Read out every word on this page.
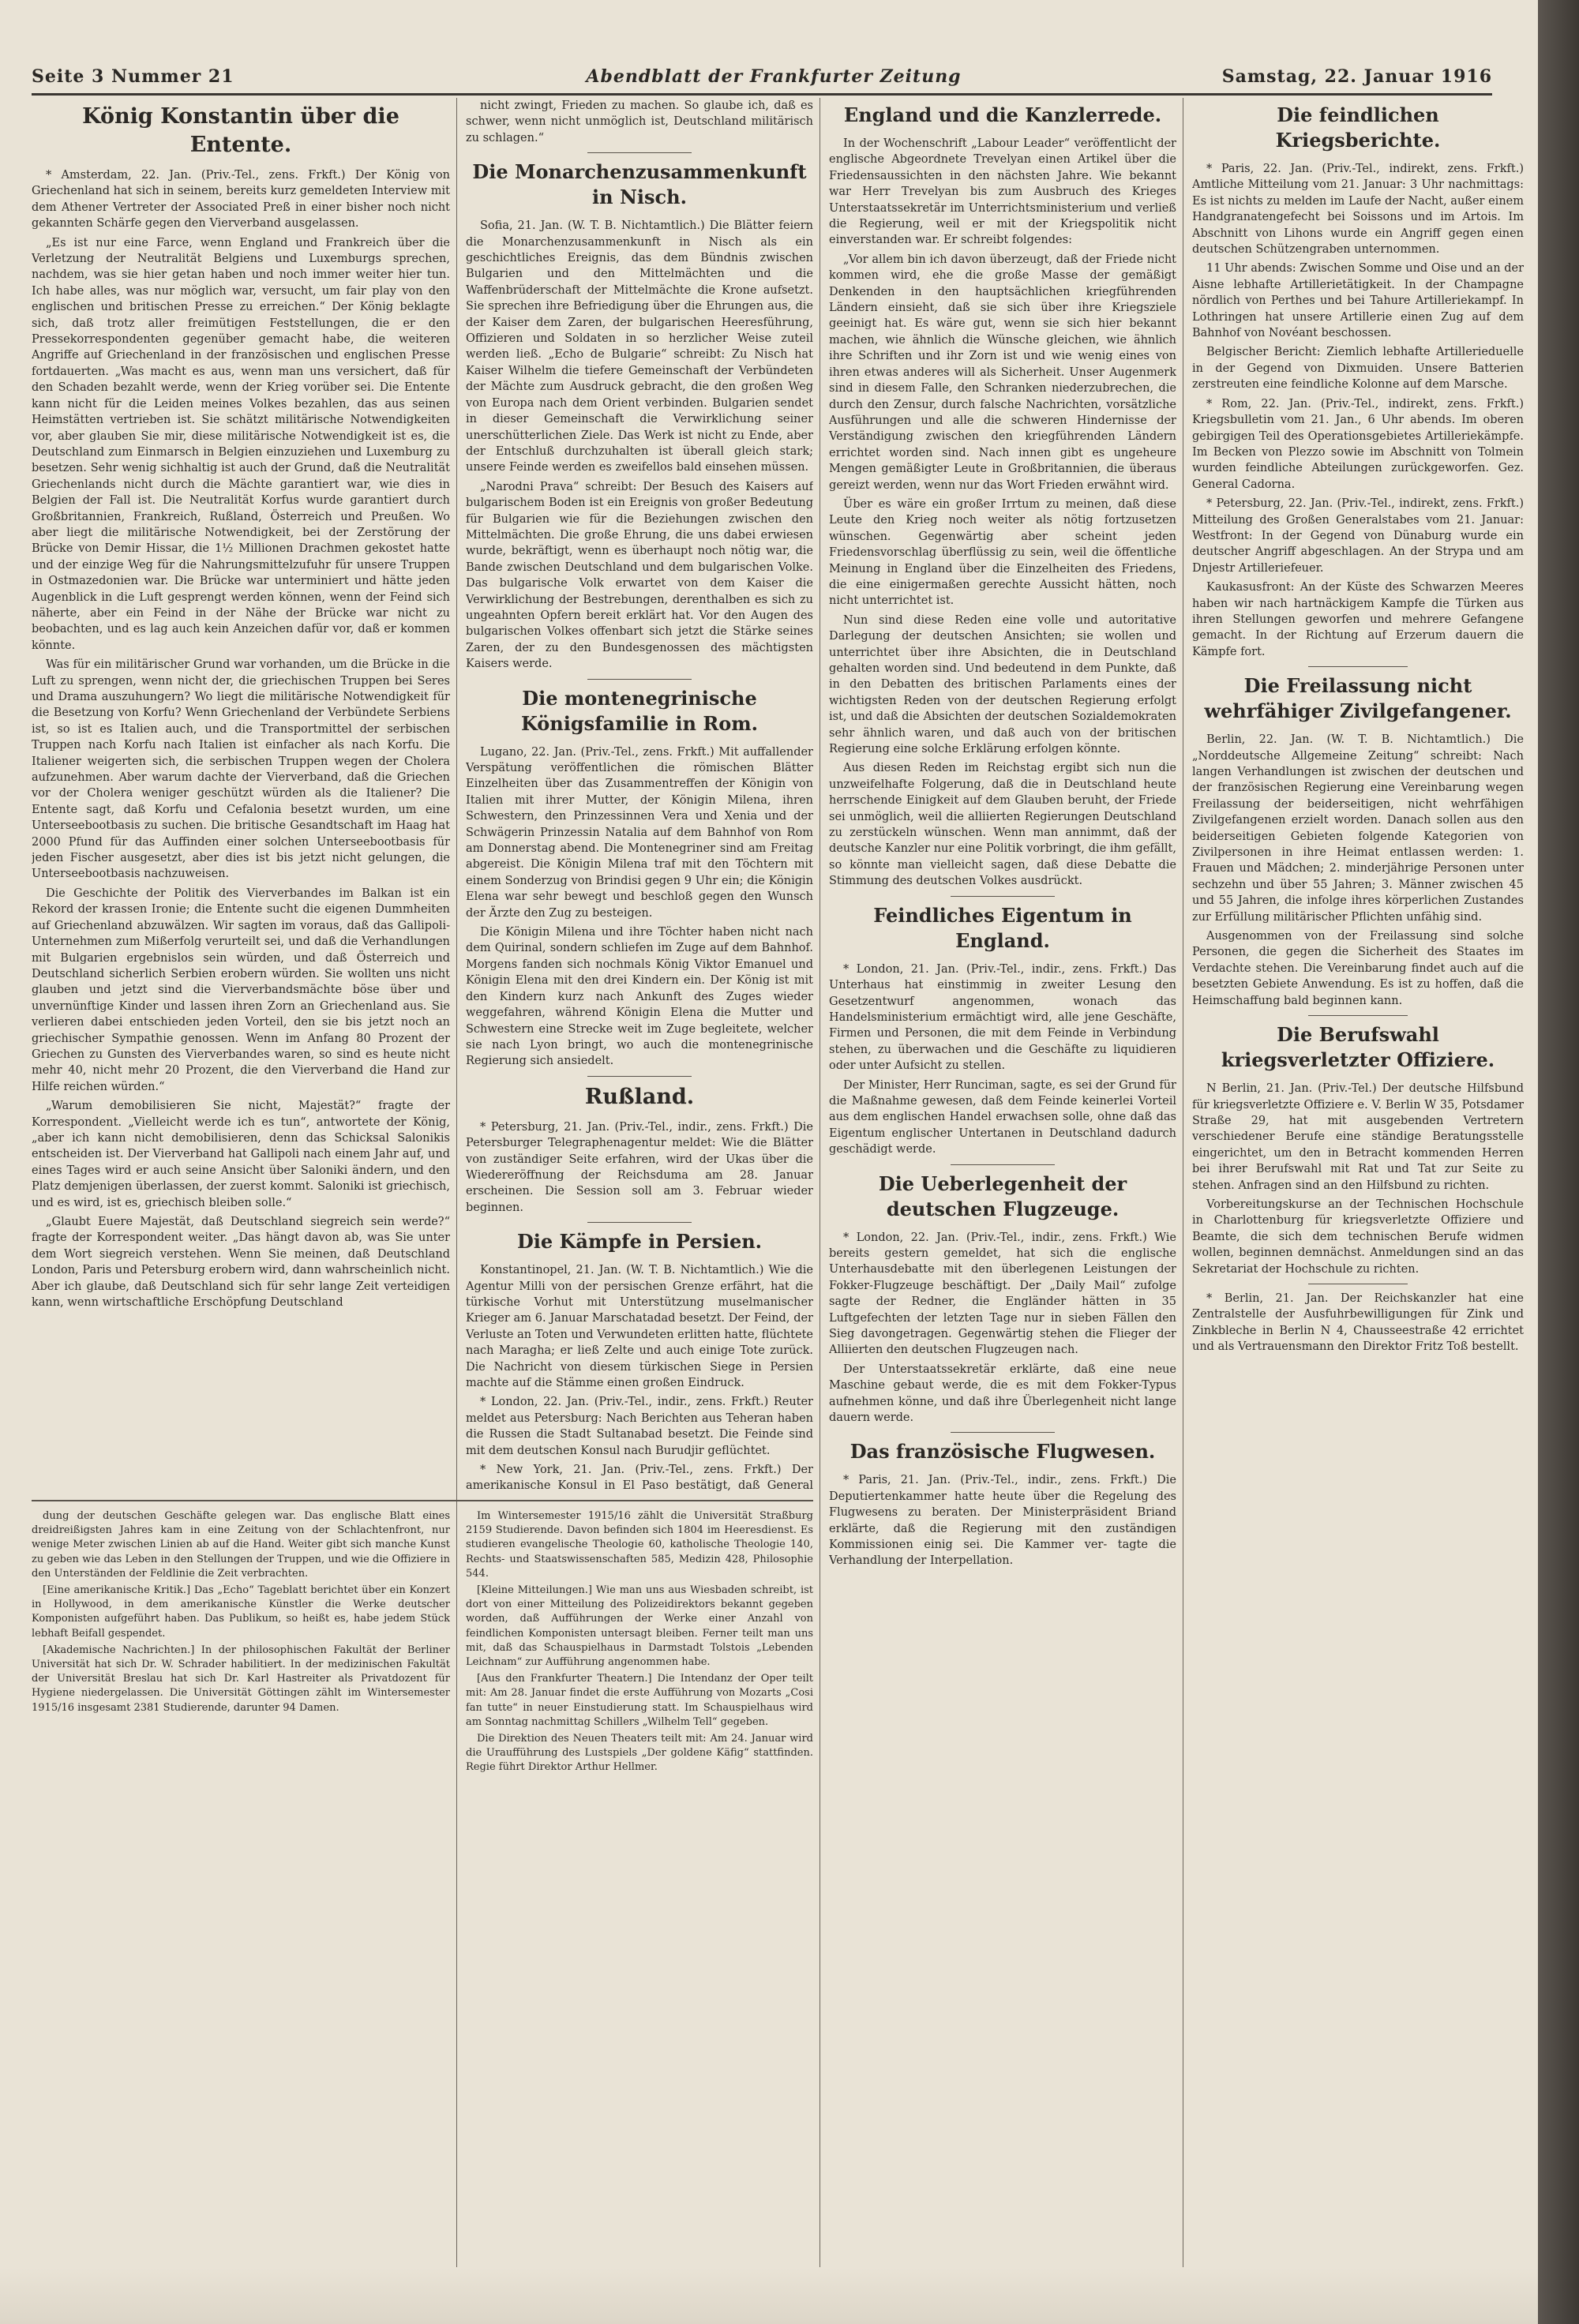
Seite 3 Nummer 21	Abendblatt der Frankfurter Zeitung	Samstag, 22. Januar 1916
König Konstantin über die Entente.

* Amsterdam, 22. Jan. (Priv.-Tel., zens. Frkft.) Der König von Griechenland hat sich in seinem, bereits kurz gemeldeten Interview mit dem Athener Vertreter der Associated Preß in einer bisher noch nicht gekannten Schärfe gegen den Vierverband ausgelassen.

„Es ist nur eine Farce, wenn England und Frankreich über die Verletzung der Neutralität Belgiens und Luxemburgs sprechen, nachdem, was sie hier getan haben und noch immer weiter hier tun. Ich habe alles, was nur möglich war, versucht, um fair play von den englischen und britischen Presse zu erreichen.“ Der König beklagte sich, daß trotz aller freimütigen Feststellungen, die er den Pressekorrespondenten gegenüber gemacht habe, die weiteren Angriffe auf Griechenland in der französischen und englischen Presse fortdauerten. „Was macht es aus, wenn man uns versichert, daß für den Schaden bezahlt werde, wenn der Krieg vorüber sei. Die Entente kann nicht für die Leiden meines Volkes bezahlen, das aus seinen Heimstätten vertrieben ist. Sie schätzt militärische Notwendigkeiten vor, aber glauben Sie mir, diese militärische Notwendigkeit ist es, die Deutschland zum Einmarsch in Belgien einzuziehen und Luxemburg zu besetzen. Sehr wenig sichhaltig ist auch der Grund, daß die Neutralität Griechenlands nicht durch die Mächte garantiert war, wie dies in Belgien der Fall ist. Die Neutralität Korfus wurde garantiert durch Großbritannien, Frankreich, Rußland, Österreich und Preußen. Wo aber liegt die militärische Notwendigkeit, bei der Zerstörung der Brücke von Demir Hissar, die 1½ Millionen Drachmen gekostet hatte und der einzige Weg für die Nahrungsmittelzufuhr für unsere Truppen in Ostmazedonien war. Die Brücke war unterminiert und hätte jeden Augenblick in die Luft gesprengt werden können, wenn der Feind sich näherte, aber ein Feind in der Nähe der Brücke war nicht zu beobachten, und es lag auch kein Anzeichen dafür vor, daß er kommen könnte.

Was für ein militärischer Grund war vorhanden, um die Brücke in die Luft zu sprengen, wenn nicht der, die griechischen Truppen bei Seres und Drama auszuhungern? Wo liegt die militärische Notwendigkeit für die Besetzung von Korfu? Wenn Griechenland der Verbündete Serbiens ist, so ist es Italien auch, und die Transportmittel der serbischen Truppen nach Korfu nach Italien ist einfacher als nach Korfu. Die Italiener weigerten sich, die serbischen Truppen wegen der Cholera aufzunehmen. Aber warum dachte der Vierverband, daß die Griechen vor der Cholera weniger geschützt würden als die Italiener? Die Entente sagt, daß Korfu und Cefalonia besetzt wurden, um eine Unterseebootbasis zu suchen. Die britische Gesandtschaft im Haag hat 2000 Pfund für das Auffinden einer solchen Unterseebootbasis für jeden Fischer ausgesetzt, aber dies ist bis jetzt nicht gelungen, die Unterseebootbasis nachzuweisen.

Die Geschichte der Politik des Vierverbandes im Balkan ist ein Rekord der krassen Ironie; die Entente sucht die eigenen Dummheiten auf Griechenland abzuwälzen. Wir sagten im voraus, daß das Gallipoli-Unternehmen zum Mißerfolg verurteilt sei, und daß die Verhandlungen mit Bulgarien ergebnislos sein würden, und daß Österreich und Deutschland sicherlich Serbien erobern würden. Sie wollten uns nicht glauben und jetzt sind die Vierverbandsmächte böse über und unvernünftige Kinder und lassen ihren Zorn an Griechenland aus. Sie verlieren dabei entschieden jeden Vorteil, den sie bis jetzt noch an griechischer Sympathie genossen. Wenn im Anfang 80 Prozent der Griechen zu Gunsten des Vierverbandes waren, so sind es heute nicht mehr 40, nicht mehr 20 Prozent, die den Vierverband die Hand zur Hilfe reichen würden.“

„Warum demobilisieren Sie nicht, Majestät?“ fragte der Korrespondent. „Vielleicht werde ich es tun“, antwortete der König, „aber ich kann nicht demobilisieren, denn das Schicksal Salonikis entscheiden ist. Der Vierverband hat Gallipoli nach einem Jahr auf, und eines Tages wird er auch seine Ansicht über Saloniki ändern, und den Platz demjenigen überlassen, der zuerst kommt. Saloniki ist griechisch, und es wird, ist es, griechisch bleiben solle.“

„Glaubt Euere Majestät, daß Deutschland siegreich sein werde?“ fragte der Korrespondent weiter. „Das hängt davon ab, was Sie unter dem Wort siegreich verstehen. Wenn Sie meinen, daß Deutschland London, Paris und Petersburg erobern wird, dann wahrscheinlich nicht. Aber ich glaube, daß Deutschland sich für sehr lange Zeit verteidigen kann, wenn wirtschaftliche Erschöpfung Deutschland

nicht zwingt, Frieden zu machen. So glaube ich, daß es schwer, wenn nicht unmöglich ist, Deutschland militärisch zu schlagen.“

Die Monarchenzusammenkunft in Nisch.

Sofia, 21. Jan. (W. T. B. Nichtamtlich.) Die Blätter feiern die Monarchenzusammenkunft in Nisch als ein geschichtliches Ereignis, das dem Bündnis zwischen Bulgarien und den Mittelmächten und die Waffenbrüderschaft der Mittelmächte die Krone aufsetzt. Sie sprechen ihre Befriedigung über die Ehrungen aus, die der Kaiser dem Zaren, der bulgarischen Heeresführung, Offizieren und Soldaten in so herzlicher Weise zuteil werden ließ. „Echo de Bulgarie“ schreibt: Zu Nisch hat Kaiser Wilhelm die tiefere Gemeinschaft der Verbündeten der Mächte zum Ausdruck gebracht, die den großen Weg von Europa nach dem Orient verbinden. Bulgarien sendet in dieser Gemeinschaft die Verwirklichung seiner unerschütterlichen Ziele. Das Werk ist nicht zu Ende, aber der Entschluß durchzuhalten ist überall gleich stark; unsere Feinde werden es zweifellos bald einsehen müssen.

„Narodni Prava“ schreibt: Der Besuch des Kaisers auf bulgarischem Boden ist ein Ereignis von großer Bedeutung für Bulgarien wie für die Beziehungen zwischen den Mittelmächten. Die große Ehrung, die uns dabei erwiesen wurde, bekräftigt, wenn es überhaupt noch nötig war, die Bande zwischen Deutschland und dem bulgarischen Volke. Das bulgarische Volk erwartet von dem Kaiser die Verwirklichung der Bestrebungen, derenthalben es sich zu ungeahnten Opfern bereit erklärt hat. Vor den Augen des bulgarischen Volkes offenbart sich jetzt die Stärke seines Zaren, der zu den Bundesgenossen des mächtigsten Kaisers werde.

Die montenegrinische Königsfamilie in Rom.

Lugano, 22. Jan. (Priv.-Tel., zens. Frkft.) Mit auffallender Verspätung veröffentlichen die römischen Blätter Einzelheiten über das Zusammentreffen der Königin von Italien mit ihrer Mutter, der Königin Milena, ihren Schwestern, den Prinzessinnen Vera und Xenia und der Schwägerin Prinzessin Natalia auf dem Bahnhof von Rom am Donnerstag abend. Die Montenegriner sind am Freitag abgereist. Die Königin Milena traf mit den Töchtern mit einem Sonderzug von Brindisi gegen 9 Uhr ein; die Königin Elena war sehr bewegt und beschloß gegen den Wunsch der Ärzte den Zug zu besteigen.

Die Königin Milena und ihre Töchter haben nicht nach dem Quirinal, sondern schliefen im Zuge auf dem Bahnhof. Morgens fanden sich nochmals König Viktor Emanuel und Königin Elena mit den drei Kindern ein. Der König ist mit den Kindern kurz nach Ankunft des Zuges wieder weggefahren, während Königin Elena die Mutter und Schwestern eine Strecke weit im Zuge begleitete, welcher sie nach Lyon bringt, wo auch die montenegrinische Regierung sich ansiedelt.

Rußland.

* Petersburg, 21. Jan. (Priv.-Tel., indir., zens. Frkft.) Die Petersburger Telegraphenagentur meldet: Wie die Blätter von zuständiger Seite erfahren, wird der Ukas über die Wiedereröffnung der Reichsduma am 28. Januar erscheinen. Die Session soll am 3. Februar wieder beginnen.

Die Kämpfe in Persien.

Konstantinopel, 21. Jan. (W. T. B. Nichtamtlich.) Wie die Agentur Milli von der persischen Grenze erfährt, hat die türkische Vorhut mit Unterstützung muselmanischer Krieger am 6. Januar Marschatadad besetzt. Der Feind, der Verluste an Toten und Verwundeten erlitten hatte, flüchtete nach Maragha; er ließ Zelte und auch einige Tote zurück. Die Nachricht von diesem türkischen Siege in Persien machte auf die Stämme einen großen Eindruck.

* London, 22. Jan. (Priv.-Tel., indir., zens. Frkft.) Reuter meldet aus Petersburg: Nach Berichten aus Teheran haben die Russen die Stadt Sultanabad besetzt. Die Feinde sind mit dem deutschen Konsul nach Burudjir geflüchtet.

* New York, 21. Jan. (Priv.-Tel., zens. Frkft.) Der amerikanische Konsul in El Paso bestätigt, daß General

England und die Kanzlerrede.

In der Wochenschrift „Labour Leader“ veröffentlicht der englische Abgeordnete Trevelyan einen Artikel über die Friedensaussichten in den nächsten Jahre. Wie bekannt war Herr Trevelyan bis zum Ausbruch des Krieges Unterstaatssekretär im Unterrichtsministerium und verließ die Regierung, weil er mit der Kriegspolitik nicht einverstanden war. Er schreibt folgendes:

„Vor allem bin ich davon überzeugt, daß der Friede nicht kommen wird, ehe die große Masse der gemäßigt Denkenden in den hauptsächlichen kriegführenden Ländern einsieht, daß sie sich über ihre Kriegsziele geeinigt hat. Es wäre gut, wenn sie sich hier bekannt machen, wie ähnlich die Wünsche gleichen, wie ähnlich ihre Schriften und ihr Zorn ist und wie wenig eines von ihren etwas anderes will als Sicherheit. Unser Augenmerk sind in diesem Falle, den Schranken niederzubrechen, die durch den Zensur, durch falsche Nachrichten, vorsätzliche Ausführungen und alle die schweren Hindernisse der Verständigung zwischen den kriegführenden Ländern errichtet worden sind. Nach innen gibt es ungeheure Mengen gemäßigter Leute in Großbritannien, die überaus gereizt werden, wenn nur das Wort Frieden erwähnt wird.

Über es wäre ein großer Irrtum zu meinen, daß diese Leute den Krieg noch weiter als nötig fortzusetzen wünschen. Gegenwärtig aber scheint jeden Friedensvorschlag überflüssig zu sein, weil die öffentliche Meinung in England über die Einzelheiten des Friedens, die eine einigermaßen gerechte Aussicht hätten, noch nicht unterrichtet ist.

Nun sind diese Reden eine volle und autoritative Darlegung der deutschen Ansichten; sie wollen und unterrichtet über ihre Absichten, die in Deutschland gehalten worden sind. Und bedeutend in dem Punkte, daß in den Debatten des britischen Parlaments eines der wichtigsten Reden von der deutschen Regierung erfolgt ist, und daß die Absichten der deutschen Sozialdemokraten sehr ähnlich waren, und daß auch von der britischen Regierung eine solche Erklärung erfolgen könnte.

Aus diesen Reden im Reichstag ergibt sich nun die unzweifelhafte Folgerung, daß die in Deutschland heute herrschende Einigkeit auf dem Glauben beruht, der Friede sei unmöglich, weil die alliierten Regierungen Deutschland zu zerstückeln wünschen. Wenn man annimmt, daß der deutsche Kanzler nur eine Politik vorbringt, die ihm gefällt, so könnte man vielleicht sagen, daß diese Debatte die Stimmung des deutschen Volkes ausdrückt.

Feindliches Eigentum in England.

* London, 21. Jan. (Priv.-Tel., indir., zens. Frkft.) Das Unterhaus hat einstimmig in zweiter Lesung den Gesetzentwurf angenommen, wonach das Handelsministerium ermächtigt wird, alle jene Geschäfte, Firmen und Personen, die mit dem Feinde in Verbindung stehen, zu überwachen und die Geschäfte zu liquidieren oder unter Aufsicht zu stellen.

Der Minister, Herr Runciman, sagte, es sei der Grund für die Maßnahme gewesen, daß dem Feinde keinerlei Vorteil aus dem englischen Handel erwachsen solle, ohne daß das Eigentum englischer Untertanen in Deutschland dadurch geschädigt werde.

Die Ueberlegenheit der deutschen Flugzeuge.

* London, 22. Jan. (Priv.-Tel., indir., zens. Frkft.) Wie bereits gestern gemeldet, hat sich die englische Unterhausdebatte mit den überlegenen Leistungen der Fokker-Flugzeuge beschäftigt. Der „Daily Mail“ zufolge sagte der Redner, die Engländer hätten in 35 Luftgefechten der letzten Tage nur in sieben Fällen den Sieg davongetragen. Gegenwärtig stehen die Flieger der Alliierten den deutschen Flugzeugen nach.

Der Unterstaatssekretär erklärte, daß eine neue Maschine gebaut werde, die es mit dem Fokker-Typus aufnehmen könne, und daß ihre Überlegenheit nicht lange dauern werde.

Das französische Flugwesen.

* Paris, 21. Jan. (Priv.-Tel., indir., zens. Frkft.) Die Deputiertenkammer hatte heute über die Regelung des Flugwesens zu beraten. Der Ministerpräsident Briand erklärte, daß die Regierung mit den zuständigen Kommissionen einig sei. Die Kammer ver- tagte die Verhandlung der Interpellation.

Die feindlichen Kriegsberichte.

* Paris, 22. Jan. (Priv.-Tel., indirekt, zens. Frkft.) Amtliche Mitteilung vom 21. Januar: 3 Uhr nachmittags: Es ist nichts zu melden im Laufe der Nacht, außer einem Handgranatengefecht bei Soissons und im Artois. Im Abschnitt von Lihons wurde ein Angriff gegen einen deutschen Schützengraben unternommen.

11 Uhr abends: Zwischen Somme und Oise und an der Aisne lebhafte Artillerietätigkeit. In der Champagne nördlich von Perthes und bei Tahure Artilleriekampf. In Lothringen hat unsere Artillerie einen Zug auf dem Bahnhof von Novéant beschossen.

Belgischer Bericht: Ziemlich lebhafte Artillerieduelle in der Gegend von Dixmuiden. Unsere Batterien zerstreuten eine feindliche Kolonne auf dem Marsche.

* Rom, 22. Jan. (Priv.-Tel., indirekt, zens. Frkft.) Kriegsbulletin vom 21. Jan., 6 Uhr abends. Im oberen gebirgigen Teil des Operationsgebietes Artilleriekämpfe. Im Becken von Plezzo sowie im Abschnitt von Tolmein wurden feindliche Abteilungen zurückgeworfen. Gez. General Cadorna.

* Petersburg, 22. Jan. (Priv.-Tel., indirekt, zens. Frkft.) Mitteilung des Großen Generalstabes vom 21. Januar: Westfront: In der Gegend von Dünaburg wurde ein deutscher Angriff abgeschlagen. An der Strypa und am Dnjestr Artilleriefeuer.

Kaukasusfront: An der Küste des Schwarzen Meeres haben wir nach hartnäckigem Kampfe die Türken aus ihren Stellungen geworfen und mehrere Gefangene gemacht. In der Richtung auf Erzerum dauern die Kämpfe fort.

Die Freilassung nicht wehrfähiger Zivilgefangener.

Berlin, 22. Jan. (W. T. B. Nichtamtlich.) Die „Norddeutsche Allgemeine Zeitung“ schreibt: Nach langen Verhandlungen ist zwischen der deutschen und der französischen Regierung eine Vereinbarung wegen Freilassung der beiderseitigen, nicht wehrfähigen Zivilgefangenen erzielt worden. Danach sollen aus den beiderseitigen Gebieten folgende Kategorien von Zivilpersonen in ihre Heimat entlassen werden: 1. Frauen und Mädchen; 2. minderjährige Personen unter sechzehn und über 55 Jahren; 3. Männer zwischen 45 und 55 Jahren, die infolge ihres körperlichen Zustandes zur Erfüllung militärischer Pflichten unfähig sind.

Ausgenommen von der Freilassung sind solche Personen, die gegen die Sicherheit des Staates im Verdachte stehen. Die Vereinbarung findet auch auf die besetzten Gebiete Anwendung. Es ist zu hoffen, daß die Heimschaffung bald beginnen kann.

Die Berufswahl kriegsverletzter Offiziere.

N Berlin, 21. Jan. (Priv.-Tel.) Der deutsche Hilfsbund für kriegsverletzte Offiziere e. V. Berlin W 35, Potsdamer Straße 29, hat mit ausgebenden Vertretern verschiedener Berufe eine ständige Beratungsstelle eingerichtet, um den in Betracht kommenden Herren bei ihrer Berufswahl mit Rat und Tat zur Seite zu stehen. Anfragen sind an den Hilfsbund zu richten.

Vorbereitungskurse an der Technischen Hochschule in Charlottenburg für kriegsverletzte Offiziere und Beamte, die sich dem technischen Berufe widmen wollen, beginnen demnächst. Anmeldungen sind an das Sekretariat der Hochschule zu richten.

* Berlin, 21. Jan. Der Reichskanzler hat eine Zentralstelle der Ausfuhrbewilligungen für Zink und Zinkbleche in Berlin N 4, Chausseestraße 42 errichtet und als Vertrauensmann den Direktor Fritz Toß bestellt.

dung der deutschen Geschäfte gelegen war. Das englische Blatt eines dreidreißigsten Jahres kam in eine Zeitung von der Schlachtenfront, nur wenige Meter zwischen Linien ab auf die Hand. Weiter gibt sich manche Kunst zu geben wie das Leben in den Stellungen der Truppen, und wie die Offiziere in den Unterständen der Feldlinie die Zeit verbrachten.

[Eine amerikanische Kritik.] Das „Echo“ Tageblatt berichtet über ein Konzert in Hollywood, in dem amerikanische Künstler die Werke deutscher Komponisten aufgeführt haben. Das Publikum, so heißt es, habe jedem Stück lebhaft Beifall gespendet.

[Akademische Nachrichten.] In der philosophischen Fakultät der Berliner Universität hat sich Dr. W. Schrader habilitiert. In der medizinischen Fakultät der Universität Breslau hat sich Dr. Karl Hastreiter als Privatdozent für Hygiene niedergelassen. Die Universität Göttingen zählt im Wintersemester 1915/16 insgesamt 2381 Studierende, darunter 94 Damen.

Im Wintersemester 1915/16 zählt die Universität Straßburg 2159 Studierende. Davon befinden sich 1804 im Heeresdienst. Es studieren evangelische Theologie 60, katholische Theologie 140, Rechts- und Staatswissenschaften 585, Medizin 428, Philosophie 544.

[Kleine Mitteilungen.] Wie man uns aus Wiesbaden schreibt, ist dort von einer Mitteilung des Polizeidirektors bekannt gegeben worden, daß Aufführungen der Werke einer Anzahl von feindlichen Komponisten untersagt bleiben. Ferner teilt man uns mit, daß das Schauspielhaus in Darmstadt Tolstois „Lebenden Leichnam“ zur Aufführung angenommen habe.

[Aus den Frankfurter Theatern.] Die Intendanz der Oper teilt mit: Am 28. Januar findet die erste Aufführung von Mozarts „Cosi fan tutte“ in neuer Einstudierung statt. Im Schauspielhaus wird am Sonntag nachmittag Schillers „Wilhelm Tell“ gegeben.

Die Direktion des Neuen Theaters teilt mit: Am 24. Januar wird die Uraufführung des Lustspiels „Der goldene Käfig“ stattfinden. Regie führt Direktor Arthur Hellmer.
